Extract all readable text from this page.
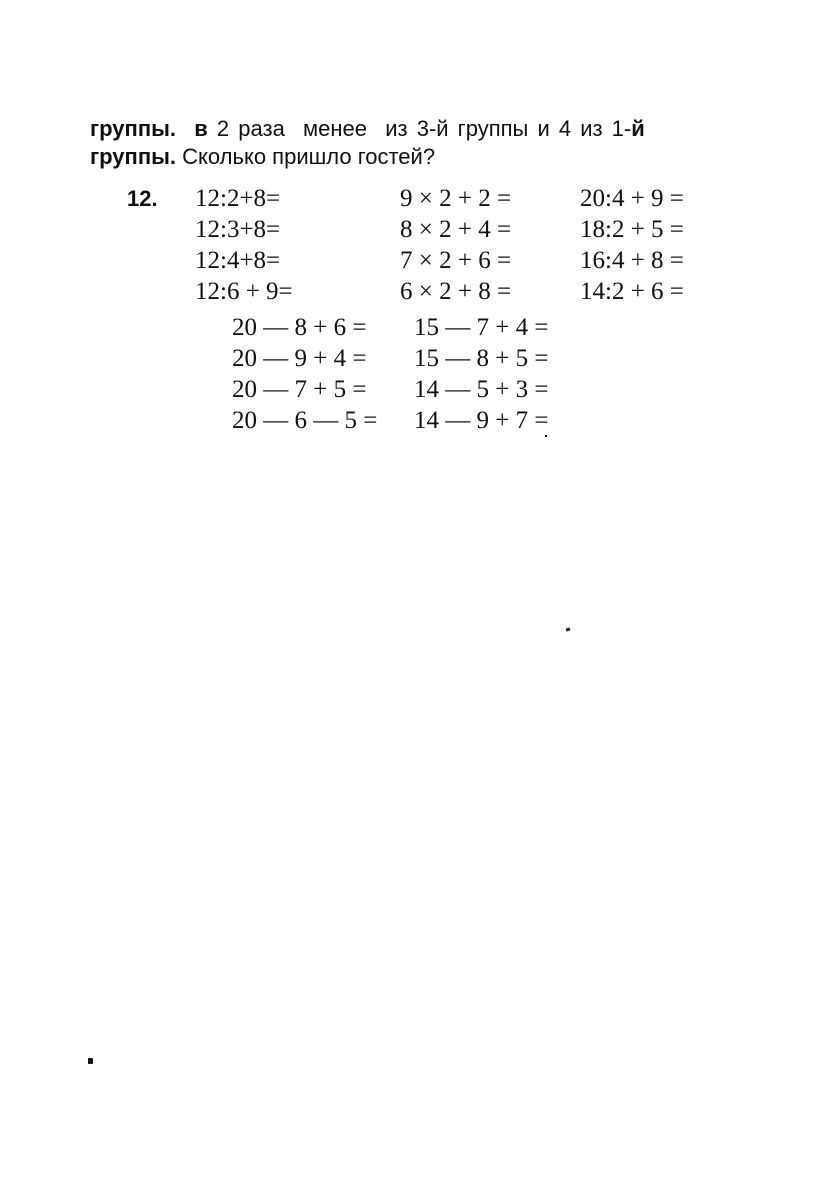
группы. в 2 раза  менее  из 3-й группы и 4 из 1-й
группы. Сколько пришло гостей?
12. 12:2+8=	9 × 2 + 2 =	20:4 + 9 =
12:3+8=	8 × 2 + 4 =	18:2 + 5 =
12:4+8=	7 × 2 + 6 =	16:4 + 8 =
12:6 + 9=	6 × 2 + 8 =	14:2 + 6 =
20 — 8 + 6 =	15 — 7 + 4 =
20 — 9 + 4 =	15 — 8 + 5 =
20 — 7 + 5 =	14 — 5 + 3 =
20 — 6 — 5 =	14 — 9 + 7 =
